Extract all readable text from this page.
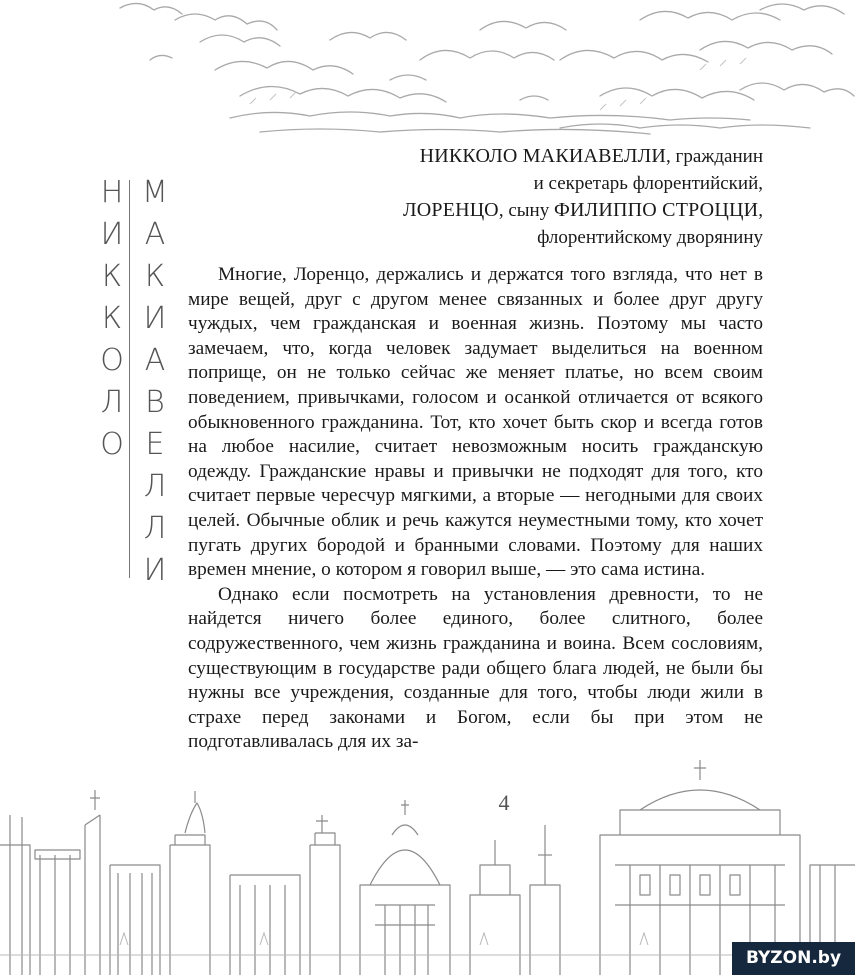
Н
И
К
К
О
Л
О
М
А
К
И
А
В
Е
Л
Л
И
НИККОЛО МАКИАВЕЛЛИ, гражданин
и секретарь флорентийский,
ЛОРЕНЦО, сыну ФИЛИППО СТРОЦЦИ,
флорентийскому дворянину

Многие, Лоренцо, держались и держатся того взгляда, что нет в мире вещей, друг с другом менее связанных и более друг другу чуждых, чем гражданская и военная жизнь. Поэтому мы часто замечаем, что, когда человек задумает выделиться на военном поприще, он не только сейчас же меняет платье, но всем своим поведением, привычками, голосом и осанкой отличается от всякого обыкновенного гражданина. Тот, кто хочет быть скор и всегда готов на любое насилие, считает невозможным носить гражданскую одежду. Гражданские нравы и привычки не подходят для того, кто считает первые чересчур мягкими, а вторые — негодными для своих целей. Обычные облик и речь кажутся неуместными тому, кто хочет пугать других бородой и бранными словами. Поэтому для наших времен мнение, о котором я говорил выше, — это сама истина.

Однако если посмотреть на установления древности, то не найдется ничего более единого, более слитного, более содружественного, чем жизнь гражданина и воина. Всем сословиям, существующим в государстве ради общего блага людей, не были бы нужны все учреждения, созданные для того, чтобы люди жили в страхе перед законами и Богом, если бы при этом не подготавливалась для их за-

4
BYZON.by
